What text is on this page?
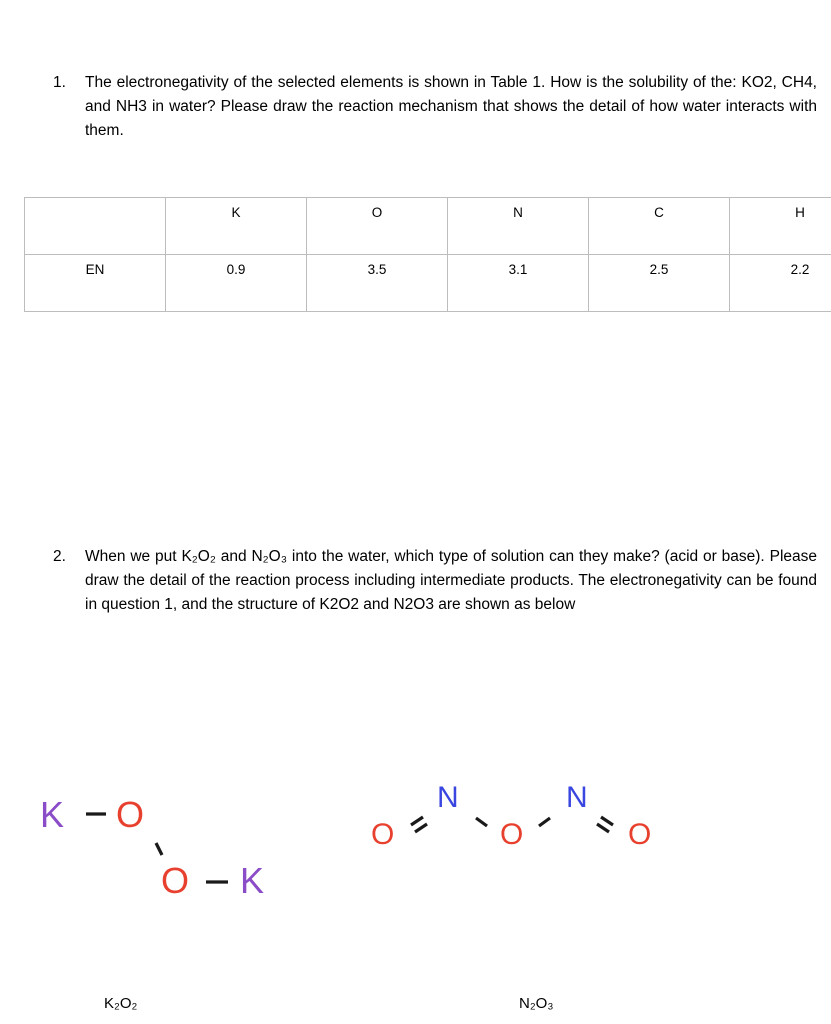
1. The electronegativity of the selected elements is shown in Table 1. How is the solubility of the: KO2, CH4, and NH3 in water? Please draw the reaction mechanism that shows the detail of how water interacts with them.
	K	O	N	C	H
EN	0.9	3.5	3.1	2.5	2.2
2. When we put K₂O₂ and N₂O₃ into the water, which type of solution can they make? (acid or base). Please draw the detail of the reaction process including intermediate products. The electronegativity can be found in question 1, and the structure of K2O2 and N2O3 are shown as below
K O
O K
O
N
O
N
O
K₂O₂	N₂O₃
